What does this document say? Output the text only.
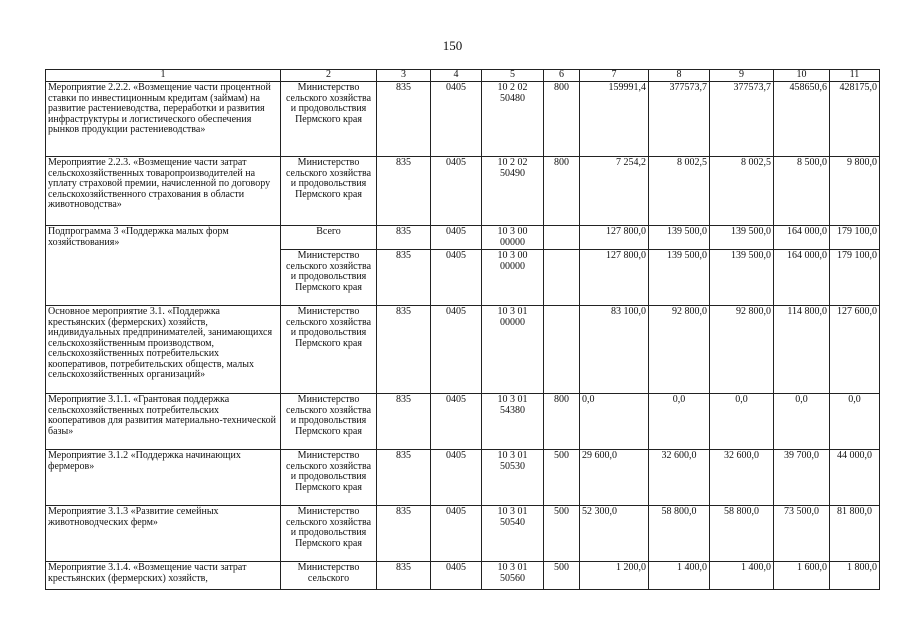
150
1	2	3	4	5	6	7	8	9	10	11
Мероприятие 2.2.2. «Возмещение части процентной ставки по инвестиционным кредитам (займам) на развитие растениеводства, переработки и развития инфраструктуры и логистического обеспечения рынков продукции растениеводства»	Министерство сельского хозяйства и продовольствия Пермского края	835	0405	10 2 02 50480	800	159991,4	377573,7	377573,7	458650,6	428175,0
Мероприятие 2.2.3. «Возмещение части затрат сельскохозяйственных товаропроизводителей на уплату страховой премии, начисленной по договору сельскохозяйственного страхования в области животноводства»	Министерство сельского хозяйства и продовольствия Пермского края	835	0405	10 2 02 50490	800	7 254,2	8 002,5	8 002,5	8 500,0	9 800,0
Подпрограмма 3 «Поддержка малых форм хозяйствования»	Всего	835	0405	10 3 00 00000		127 800,0	139 500,0	139 500,0	164 000,0	179 100,0
	Министерство сельского хозяйства и продовольствия Пермского края	835	0405	10 3 00 00000		127 800,0	139 500,0	139 500,0	164 000,0	179 100,0
Основное мероприятие 3.1. «Поддержка крестьянских (фермерских) хозяйств, индивидуальных предпринимателей, занимающихся сельскохозяйственным производством, сельскохозяйственных потребительских кооперативов, потребительских обществ, малых сельскохозяйственных организаций»	Министерство сельского хозяйства и продовольствия Пермского края	835	0405	10 3 01 00000		83 100,0	92 800,0	92 800,0	114 800,0	127 600,0
Мероприятие 3.1.1. «Грантовая поддержка сельскохозяйственных потребительских кооперативов для развития материально-технической базы»	Министерство сельского хозяйства и продовольствия Пермского края	835	0405	10 3 01 54380	800	0,0	0,0	0,0	0,0	0,0
Мероприятие 3.1.2 «Поддержка начинающих фермеров»	Министерство сельского хозяйства и продовольствия Пермского края	835	0405	10 3 01 50530	500	29 600,0	32 600,0	32 600,0	39 700,0	44 000,0
Мероприятие 3.1.3 «Развитие семейных животноводческих ферм»	Министерство сельского хозяйства и продовольствия Пермского края	835	0405	10 3 01 50540	500	52 300,0	58 800,0	58 800,0	73 500,0	81 800,0
Мероприятие 3.1.4. «Возмещение части затрат крестьянских (фермерских) хозяйств,	Министерство сельского	835	0405	10 3 01 50560	500	1 200,0	1 400,0	1 400,0	1 600,0	1 800,0
